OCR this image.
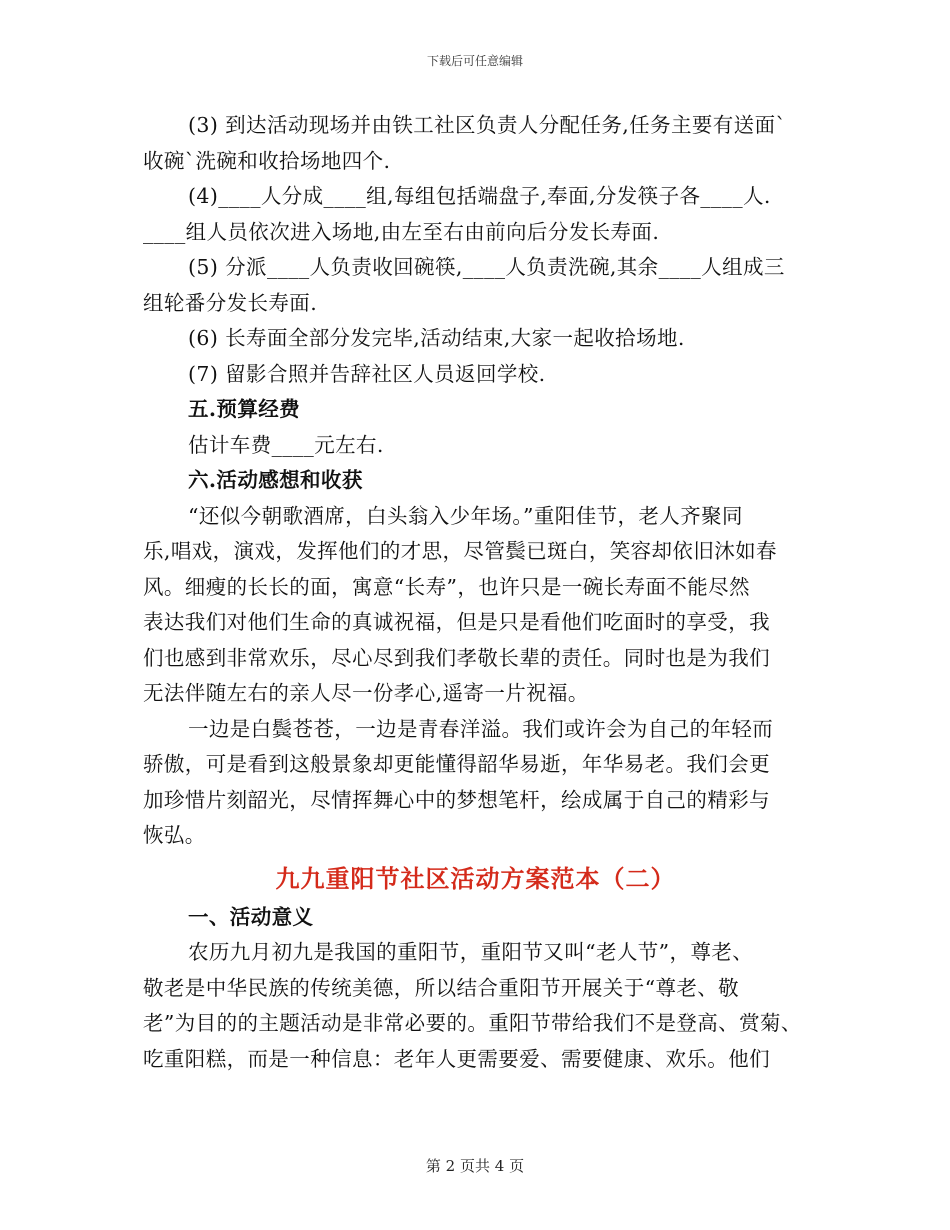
下载后可任意编辑
(3) 到达活动现场并由铁工社区负责人分配任务,任务主要有送面`
收碗`洗碗和收拾场地四个.
(4)____人分成____组,每组包括端盘子,奉面,分发筷子各____人.
____组人员依次进入场地,由左至右由前向后分发长寿面.
(5) 分派____人负责收回碗筷,____人负责洗碗,其余____人组成三
组轮番分发长寿面.
(6) 长寿面全部分发完毕,活动结束,大家一起收拾场地.
(7) 留影合照并告辞社区人员返回学校.
五.预算经费
估计车费____元左右.
六.活动感想和收获
“还似今朝歌酒席，白头翁入少年场。”重阳佳节，老人齐聚同
乐,唱戏，演戏，发挥他们的才思，尽管鬓已斑白，笑容却依旧沐如春
风。细瘦的长长的面，寓意“长寿”，也许只是一碗长寿面不能尽然
表达我们对他们生命的真诚祝福，但是只是看他们吃面时的享受，我
们也感到非常欢乐，尽心尽到我们孝敬长辈的责任。同时也是为我们
无法伴随左右的亲人尽一份孝心,遥寄一片祝福。
一边是白鬓苍苍，一边是青春洋溢。我们或许会为自己的年轻而
骄傲，可是看到这般景象却更能懂得韶华易逝，年华易老。我们会更
加珍惜片刻韶光，尽情挥舞心中的梦想笔杆，绘成属于自己的精彩与
恢弘。
九九重阳节社区活动方案范本（二）
一、活动意义
农历九月初九是我国的重阳节，重阳节又叫“老人节”，尊老、
敬老是中华民族的传统美德，所以结合重阳节开展关于“尊老、敬
老”为目的的主题活动是非常必要的。重阳节带给我们不是登高、赏菊、
吃重阳糕，而是一种信息：老年人更需要爱、需要健康、欢乐。他们
第 2 页共 4 页
